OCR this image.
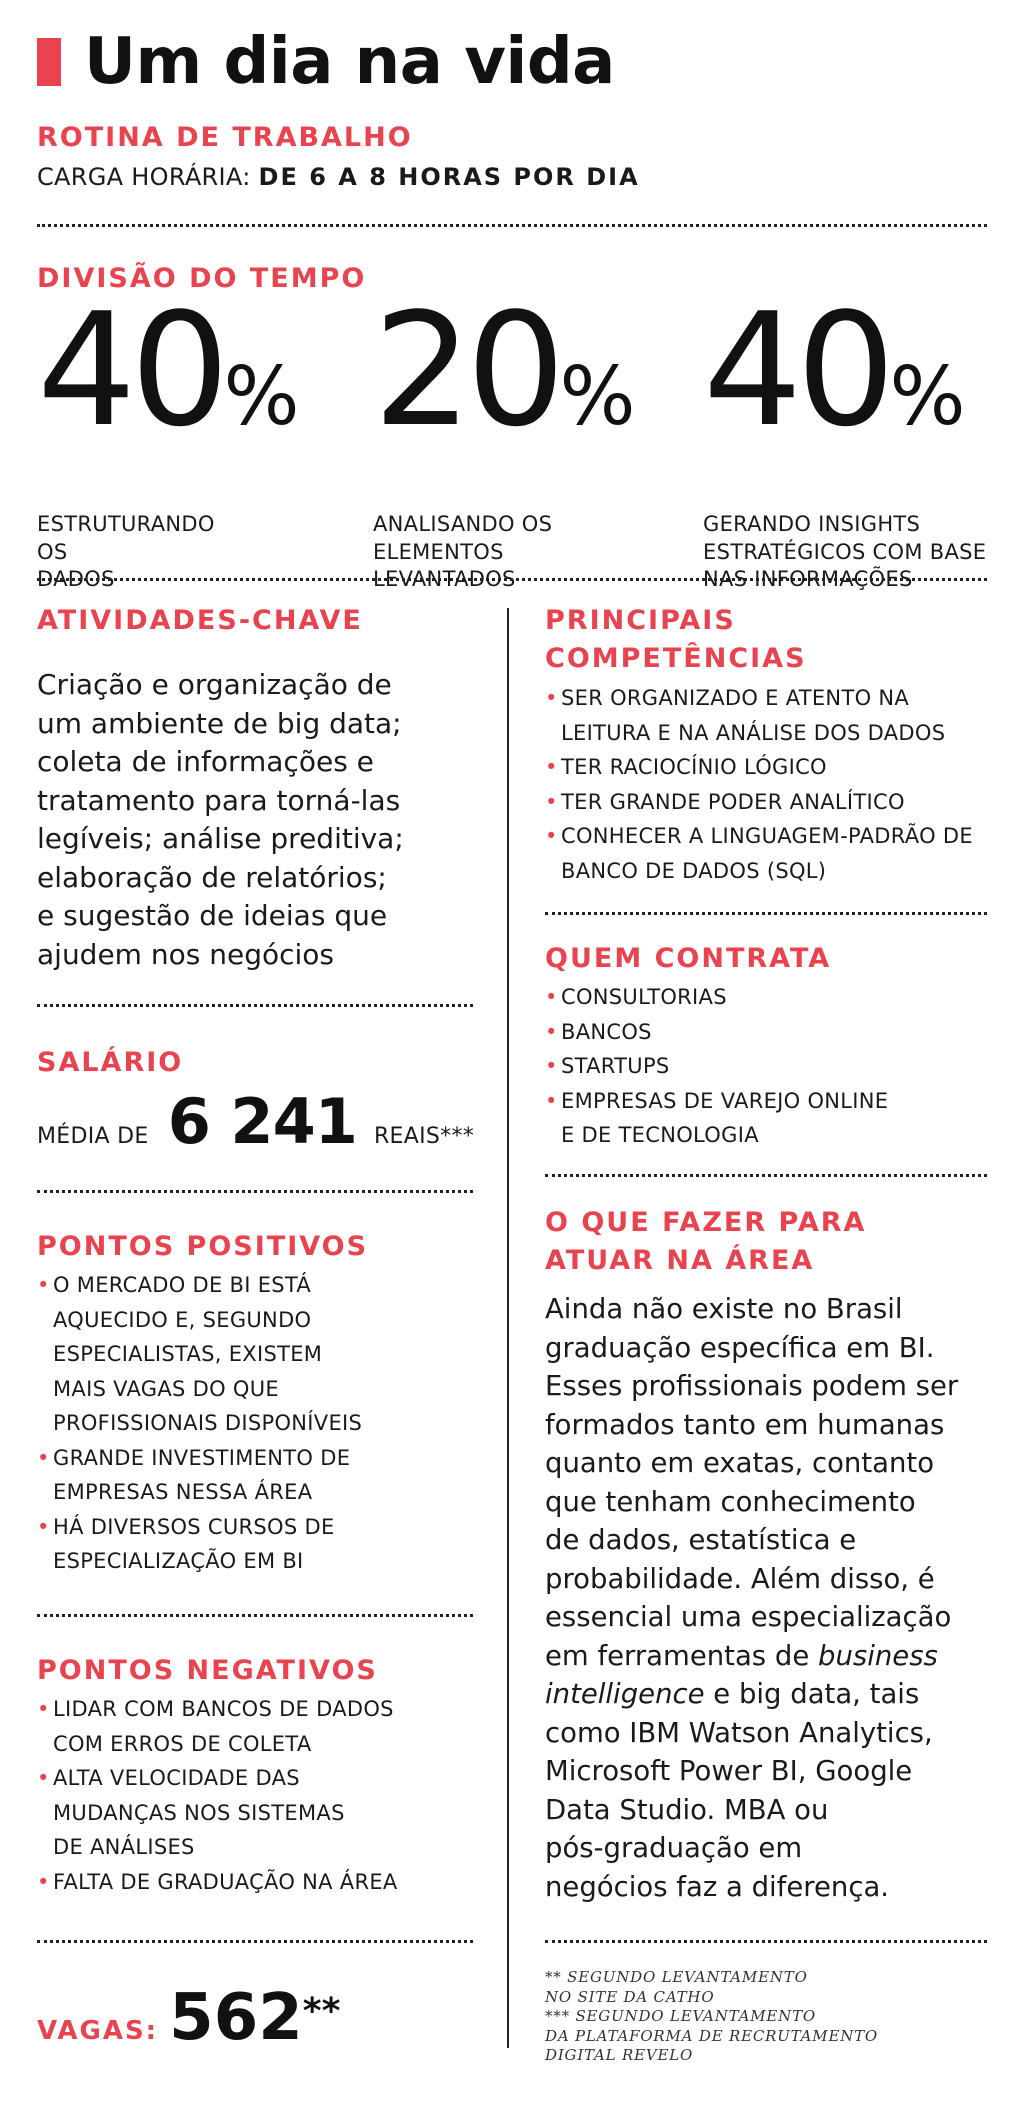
Um dia na vida
ROTINA DE TRABALHO
CARGA HORÁRIA: DE 6 A 8 HORAS POR DIA
DIVISÃO DO TEMPO
40%
ESTRUTURANDO
OS
DADOS
20%
ANALISANDO OS
ELEMENTOS
LEVANTADOS
40%
GERANDO INSIGHTS
ESTRATÉGICOS COM BASE
NAS INFORMAÇÕES
ATIVIDADES-CHAVE
Criação e organização de
um ambiente de big data;
coleta de informações e
tratamento para torná-las
legíveis; análise preditiva;
elaboração de relatórios;
e sugestão de ideias que
ajudem nos negócios
SALÁRIO
MÉDIA DE 6 241 REAIS***
PONTOS POSITIVOS
• O MERCADO DE BI ESTÁ
AQUECIDO E, SEGUNDO
ESPECIALISTAS, EXISTEM
MAIS VAGAS DO QUE
PROFISSIONAIS DISPONÍVEIS
• GRANDE INVESTIMENTO DE
EMPRESAS NESSA ÁREA
• HÁ DIVERSOS CURSOS DE
ESPECIALIZAÇÃO EM BI
PONTOS NEGATIVOS
• LIDAR COM BANCOS DE DADOS
COM ERROS DE COLETA
• ALTA VELOCIDADE DAS
MUDANÇAS NOS SISTEMAS
DE ANÁLISES
• FALTA DE GRADUAÇÃO NA ÁREA
VAGAS: 562**
PRINCIPAIS
COMPETÊNCIAS
• SER ORGANIZADO E ATENTO NA
LEITURA E NA ANÁLISE DOS DADOS
• TER RACIOCÍNIO LÓGICO
• TER GRANDE PODER ANALÍTICO
• CONHECER A LINGUAGEM-PADRÃO DE
BANCO DE DADOS (SQL)
QUEM CONTRATA
• CONSULTORIAS
• BANCOS
• STARTUPS
• EMPRESAS DE VAREJO ONLINE
E DE TECNOLOGIA
O QUE FAZER PARA
ATUAR NA ÁREA
Ainda não existe no Brasil
graduação específica em BI.
Esses profissionais podem ser
formados tanto em humanas
quanto em exatas, contanto
que tenham conhecimento
de dados, estatística e
probabilidade. Além disso, é
essencial uma especialização
em ferramentas de business
intelligence e big data, tais
como IBM Watson Analytics,
Microsoft Power BI, Google
Data Studio. MBA ou
pós-graduação em
negócios faz a diferença.
** SEGUNDO LEVANTAMENTO
NO SITE DA CATHO
*** SEGUNDO LEVANTAMENTO
DA PLATAFORMA DE RECRUTAMENTO
DIGITAL REVELO
